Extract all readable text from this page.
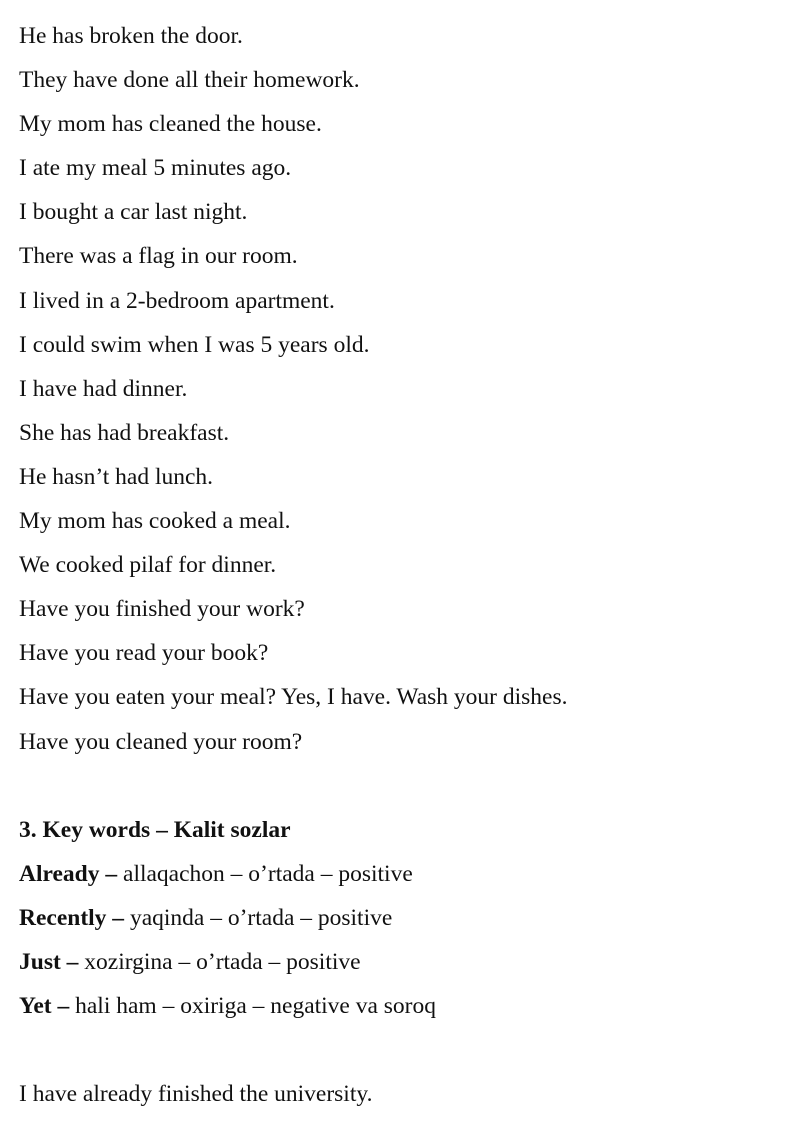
He has broken the door.
They have done all their homework.
My mom has cleaned the house.
I ate my meal 5 minutes ago.
I bought a car last night.
There was a flag in our room.
I lived in a 2-bedroom apartment.
I could swim when I was 5 years old.
I have had dinner.
She has had breakfast.
He hasn’t had lunch.
My mom has cooked a meal.
We cooked pilaf for dinner.
Have you finished your work?
Have you read your book?
Have you eaten your meal? Yes, I have. Wash your dishes.
Have you cleaned your room?
3. Key words – Kalit sozlar
Already – allaqachon – o’rtada – positive
Recently – yaqinda – o’rtada – positive
Just – xozirgina – o’rtada – positive
Yet – hali ham – oxiriga – negative va soroq
I have already finished the university.
